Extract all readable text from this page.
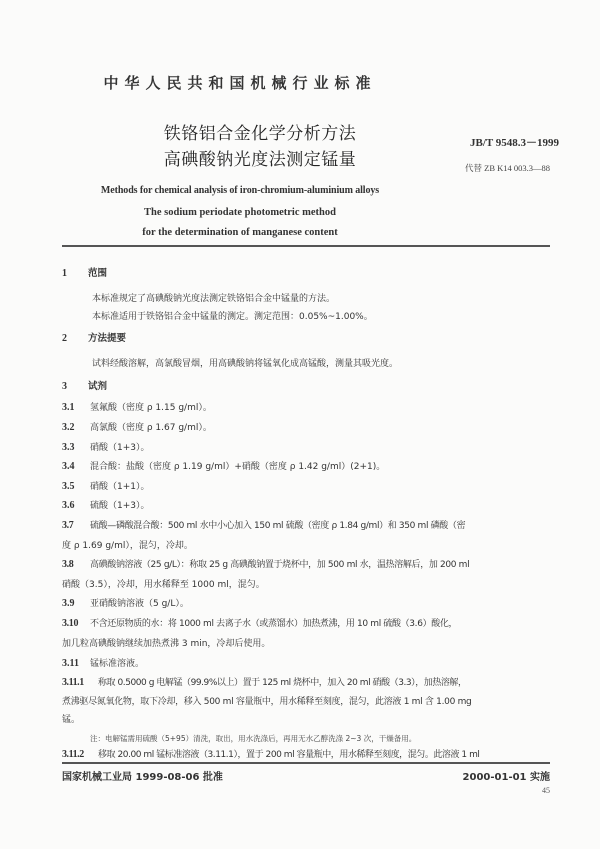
中华人民共和国机械行业标准
铁铬铝合金化学分析方法
高碘酸钠光度法测定锰量
Methods for chemical analysis of iron-chromium-aluminium alloys
The sodium periodate photometric method
for the determination of manganese content
JB/T 9548.3－1999
代替 ZB K14 003.3—88
1 范围
本标准规定了高碘酸钠光度法测定铁铬铝合金中锰量的方法。
本标准适用于铁铬铝合金中锰量的测定。测定范围：0.05%~1.00%。
2 方法提要
试料经酸溶解，高氯酸冒烟，用高碘酸钠将锰氧化成高锰酸，测量其吸光度。
3 试剂
3.1 氢氟酸（密度 ρ 1.15 g/ml）。
3.2 高氯酸（密度 ρ 1.67 g/ml）。
3.3 硝酸（1+3）。
3.4 混合酸：盐酸（密度 ρ 1.19 g/ml）+硝酸（密度 ρ 1.42 g/ml）(2+1)。
3.5 硝酸（1+1）。
3.6 硫酸（1+3）。
3.7 硫酸—磷酸混合酸：500 ml 水中小心加入 150 ml 硫酸（密度 ρ 1.84 g/ml）和 350 ml 磷酸（密
度 ρ 1.69 g/ml），混匀，冷却。
3.8 高碘酸钠溶液（25 g/L）：称取 25 g 高碘酸钠置于烧杯中，加 500 ml 水，温热溶解后，加 200 ml
硝酸（3.5），冷却，用水稀释至 1000 ml，混匀。
3.9 亚硝酸钠溶液（5 g/L）。
3.10 不含还原物质的水：将 1000 ml 去离子水（或蒸馏水）加热煮沸，用 10 ml 硫酸（3.6）酸化，
加几粒高碘酸钠继续加热煮沸 3 min，冷却后使用。
3.11 锰标准溶液。
3.11.1 称取 0.5000 g 电解锰（99.9%以上）置于 125 ml 烧杯中，加入 20 ml 硝酸（3.3），加热溶解，
煮沸驱尽氮氧化物，取下冷却，移入 500 ml 容量瓶中，用水稀释至刻度，混匀，此溶液 1 ml 含 1.00 mg
锰。
注：电解锰需用硫酸（5+95）清洗，取出，用水洗涤后，再用无水乙醇洗涤 2~3 次，干燥备用。
3.11.2 移取 20.00 ml 锰标准溶液（3.11.1），置于 200 ml 容量瓶中，用水稀释至刻度，混匀。此溶液 1 ml
国家机械工业局 1999-08-06 批准	2000-01-01 实施
45
